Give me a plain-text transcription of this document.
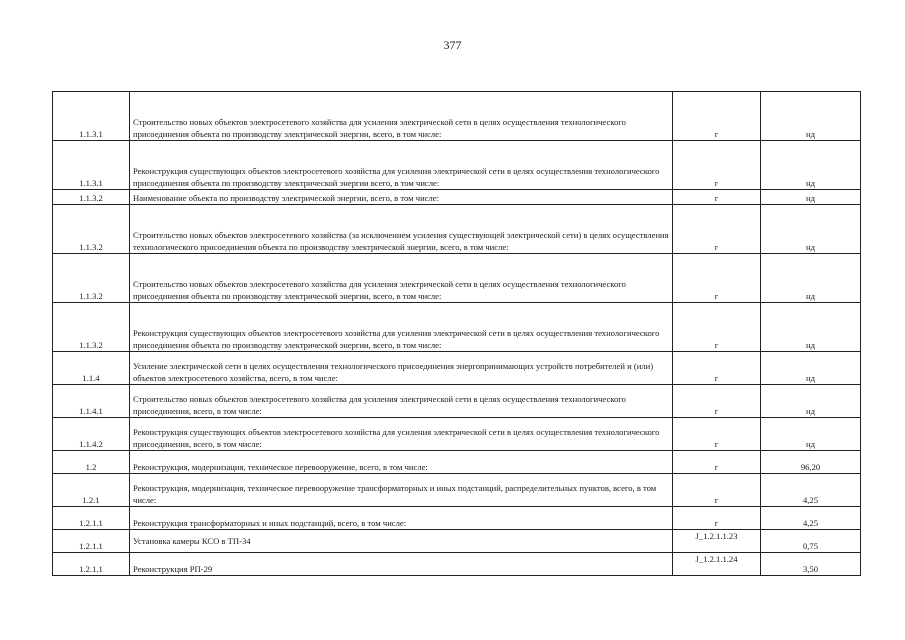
377
1.1.3.1	Строительство новых объектов электросетевого хозяйства для усиления электрической сети в целях осуществления технологического присоединения объекта по производству электрической энергии, всего, в том числе:	г	нд
1.1.3.1	Реконструкция существующих объектов электросетевого хозяйства для усиления электрической сети в целях осуществления технологического присоединения объекта по производству электрической энергии всего, в том числе:	г	нд
1.1.3.2	Наименование объекта по производству электрической энергии, всего, в том числе:	г	нд
1.1.3.2	Строительство новых объектов электросетевого хозяйства (за исключением усиления существующей электрической сети) в целях осуществления технологического присоединения объекта по производству электрической энергии, всего, в том числе:	г	нд
1.1.3.2	Строительство новых объектов электросетевого хозяйства для усиления электрической сети в целях осуществления технологического присоединения объекта по производству электрической энергии, всего, в том числе:	г	нд
1.1.3.2	Реконструкция существующих объектов электросетевого хозяйства для усиления электрической сети в целях осуществления технологического присоединения объекта по производству электрической энергии, всего, в том числе:	г	нд
1.1.4	Усиление электрической сети в целях осуществления технологического присоединения энергопринимающих устройств потребителей и (или) объектов электросетевого хозяйства, всего, в том числе:	г	нд
1.1.4.1	Строительство новых объектов электросетевого хозяйства для усиления электрической сети в целях осуществления технологического присоединения, всего, в том числе:	г	нд
1.1.4.2	Реконструкция существующих объектов электросетевого хозяйства для усиления электрической сети в целях осуществления технологического присоединения, всего, в том числе:	г	нд
1.2	Реконструкция, модернизация, техническое перевооружение, всего, в том числе:	г	96,20
1.2.1	Реконструкция, модернизация, техническое перевооружение трансформаторных и иных подстанций, распределительных пунктов, всего, в том числе:	г	4,25
1.2.1.1	Реконструкция трансформаторных и иных подстанций, всего, в том числе:	г	4,25
1.2.1.1	Установка камеры КСО в ТП-34	J_1.2.1.1.23	0,75
1.2.1.1	Реконструкция РП-29	J_1.2.1.1.24	3,50
